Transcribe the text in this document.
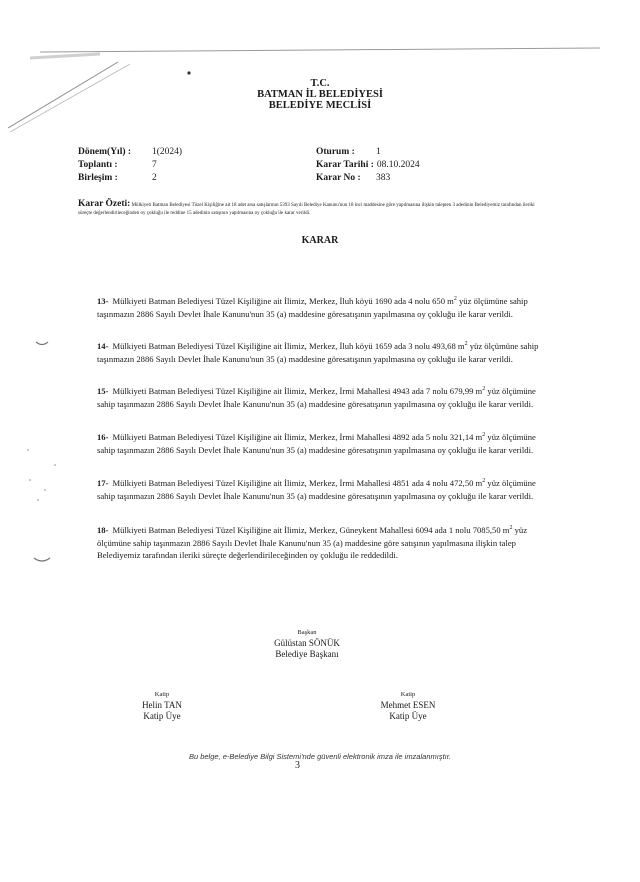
T.C.
BATMAN İL BELEDİYESİ
BELEDİYE MECLİSİ
Dönem(Yıl) :	1(2024)
Toplantı :	7
Birleşim :	2
Oturum :	1
Karar Tarihi : 08.10.2024
Karar No :	383
Karar Özeti: Mülkiyeti Batman Belediyesi Tüzel Kişiliğine ait 18 adet arsa satışlarının 5393 Sayılı Belediye Kanunu'nun 18 inci maddesine göre yapılmasına ilişkin talepten 3 adedinin Belediyemiz tarafından ileriki süreçte değerlendirileceğinden oy çokluğu ile reddine 15 adedinin satışının yapılmasına oy çokluğu ile karar verildi.
KARAR
13- Mülkiyeti Batman Belediyesi Tüzel Kişiliğine ait İlimiz, Merkez, İluh köyü 1690 ada 4 nolu 650 $m^2$ yüz ölçümüne sahip taşınmazın 2886 Sayılı Devlet İhale Kanunu'nun 35 (a) maddesine göresatışının yapılmasına oy çokluğu ile karar verildi.
14- Mülkiyeti Batman Belediyesi Tüzel Kişiliğine ait İlimiz, Merkez, İluh köyü 1659 ada 3 nolu 493,68 $m^2$ yüz ölçümüne sahip taşınmazın 2886 Sayılı Devlet İhale Kanunu'nun 35 (a) maddesine göresatışının yapılmasına oy çokluğu ile karar verildi.
15- Mülkiyeti Batman Belediyesi Tüzel Kişiliğine ait İlimiz, Merkez, İrmi Mahallesi 4943 ada 7 nolu 679,99 $m^2$ yüz ölçümüne sahip taşınmazın 2886 Sayılı Devlet İhale Kanunu'nun 35 (a) maddesine göresatışının yapılmasına oy çokluğu ile karar verildi.
16- Mülkiyeti Batman Belediyesi Tüzel Kişiliğine ait İlimiz, Merkez, İrmi Mahallesi 4892 ada 5 nolu 321,14 $m^2$ yüz ölçümüne sahip taşınmazın 2886 Sayılı Devlet İhale Kanunu'nun 35 (a) maddesine göresatışının yapılmasına oy çokluğu ile karar verildi.
17- Mülkiyeti Batman Belediyesi Tüzel Kişiliğine ait İlimiz, Merkez, İrmi Mahallesi 4851 ada 4 nolu 472,50 $m^2$ yüz ölçümüne sahip taşınmazın 2886 Sayılı Devlet İhale Kanunu'nun 35 (a) maddesine göresatışının yapılmasına oy çokluğu ile karar verildi.
18- Mülkiyeti Batman Belediyesi Tüzel Kişiliğine ait İlimiz, Merkez, Güneykent Mahallesi 6094 ada 1 nolu 7085,50 $m^2$ yüz ölçümüne sahip taşınmazın 2886 Sayılı Devlet İhale Kanunu'nun 35 (a) maddesine göre satışının yapılmasına ilişkin talep Belediyemiz tarafından ileriki süreçte değerlendirileceğinden oy çokluğu ile reddedildi.
Başkan
Gülüstan SÖNÜK
Belediye Başkanı
Katip
Helin TAN
Katip Üye
Katip
Mehmet ESEN
Katip Üye
Bu belge, e-Belediye Bilgi Sistemi'nde güvenli elektronik imza ile imzalanmıştır.
3
